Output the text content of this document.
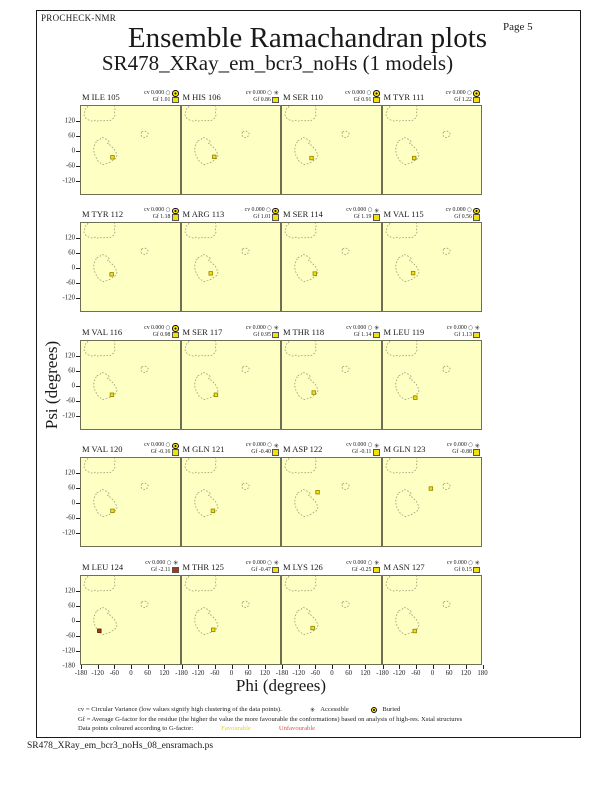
PROCHECK-NMR
Page 5
Ensemble Ramachandran plots
SR478_XRay_em_bcr3_noHs (1 models)
Psi (degrees)
M ILE 105	cv 0.000 ○
Gf 1.01
120
60
0
-60
-120
M HIS 106	cv 0.000 ○ ✳
Gf 0.86 M SER 110	cv 0.000 ○
Gf 0.91 M TYR 111	cv 0.000 ○
Gf 1.22
M TYR 112	cv 0.000 ○
Gf 1.18
120
60
0
-60
-120
M ARG 113	cv 0.000 ○
Gf 1.01 M SER 114	cv 0.000 ○ ✳
Gf 1.19 M VAL 115	cv 0.000 ○
Gf 0.56
M VAL 116	cv 0.000 ○
Gf 0.98
120
60
0
-60
-120
M SER 117	cv 0.000 ○ ✳
Gf 0.95 M THR 118	cv 0.000 ○ ✳
Gf 1.14 M LEU 119	cv 0.000 ○ ✳
Gf 1.13
M VAL 120	cv 0.000 ○
Gf -0.16
120
60
0
-60
-120
M GLN 121	cv 0.000 ○ ✳
Gf -0.40 M ASP 122	cv 0.000 ○ ✳
Gf -0.11 M GLN 123	cv 0.000 ○ ✳
Gf -0.88
M LEU 124	cv 0.000 ○ ✳
Gf -2.11
120
60
0
-60
-120
-180
-180 -120 -60 0 60 120
M THR 125	cv 0.000 ○ ✳
Gf -0.47
-180 -120 -60 0 60 120
M LYS 126	cv 0.000 ○ ✳
Gf -0.25
-180 -120 -60 0 60 120
M ASN 127	cv 0.000 ○ ✳
Gf 0.15
-180 -120 -60 0 60 120 180
Phi (degrees)
cv = Circular Variance (low values signify high clustering of the data points).	✳ Accessible	Buried
Gf = Average G-factor for the residue (the higher the value the more favourable the conformations) based on analysis of high-res. Xstal structures
Data points coloured according to G-factor:	Favourable	Unfavourable
SR478_XRay_em_bcr3_noHs_08_ensramach.ps
